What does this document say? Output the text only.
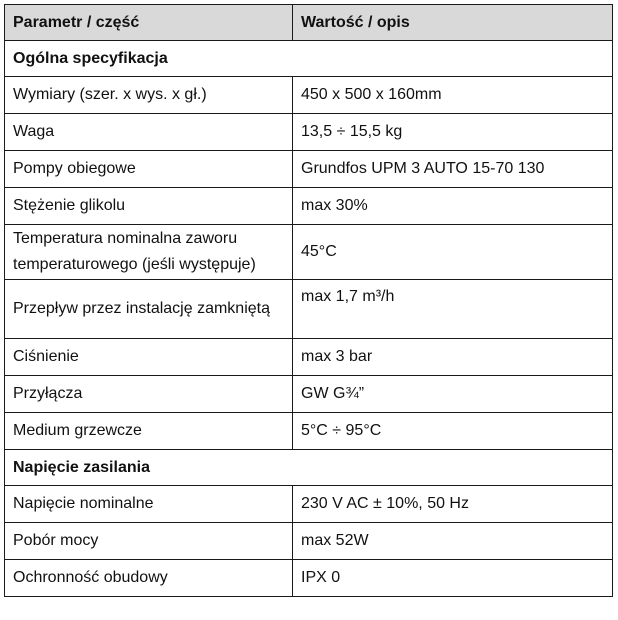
Parametr / część	Wartość / opis
Ogólna specyfikacja	
Wymiary (szer. x wys. x gł.)	450 x 500 x 160mm
Waga	13,5 ÷ 15,5 kg
Pompy obiegowe	Grundfos UPM 3 AUTO 15-70 130
Stężenie glikolu	max 30%
Temperatura nominalna zaworu temperaturowego (jeśli występuje)	45°C
Przepływ przez instalację zamkniętą	max 1,7 m³/h
Ciśnienie	max 3 bar
Przyłącza	GW G¾”
Medium grzewcze	5°C ÷ 95°C
Napięcie zasilania	
Napięcie nominalne	230 V AC ± 10%, 50 Hz
Pobór mocy	max 52W
Ochronność obudowy	IPX 0
